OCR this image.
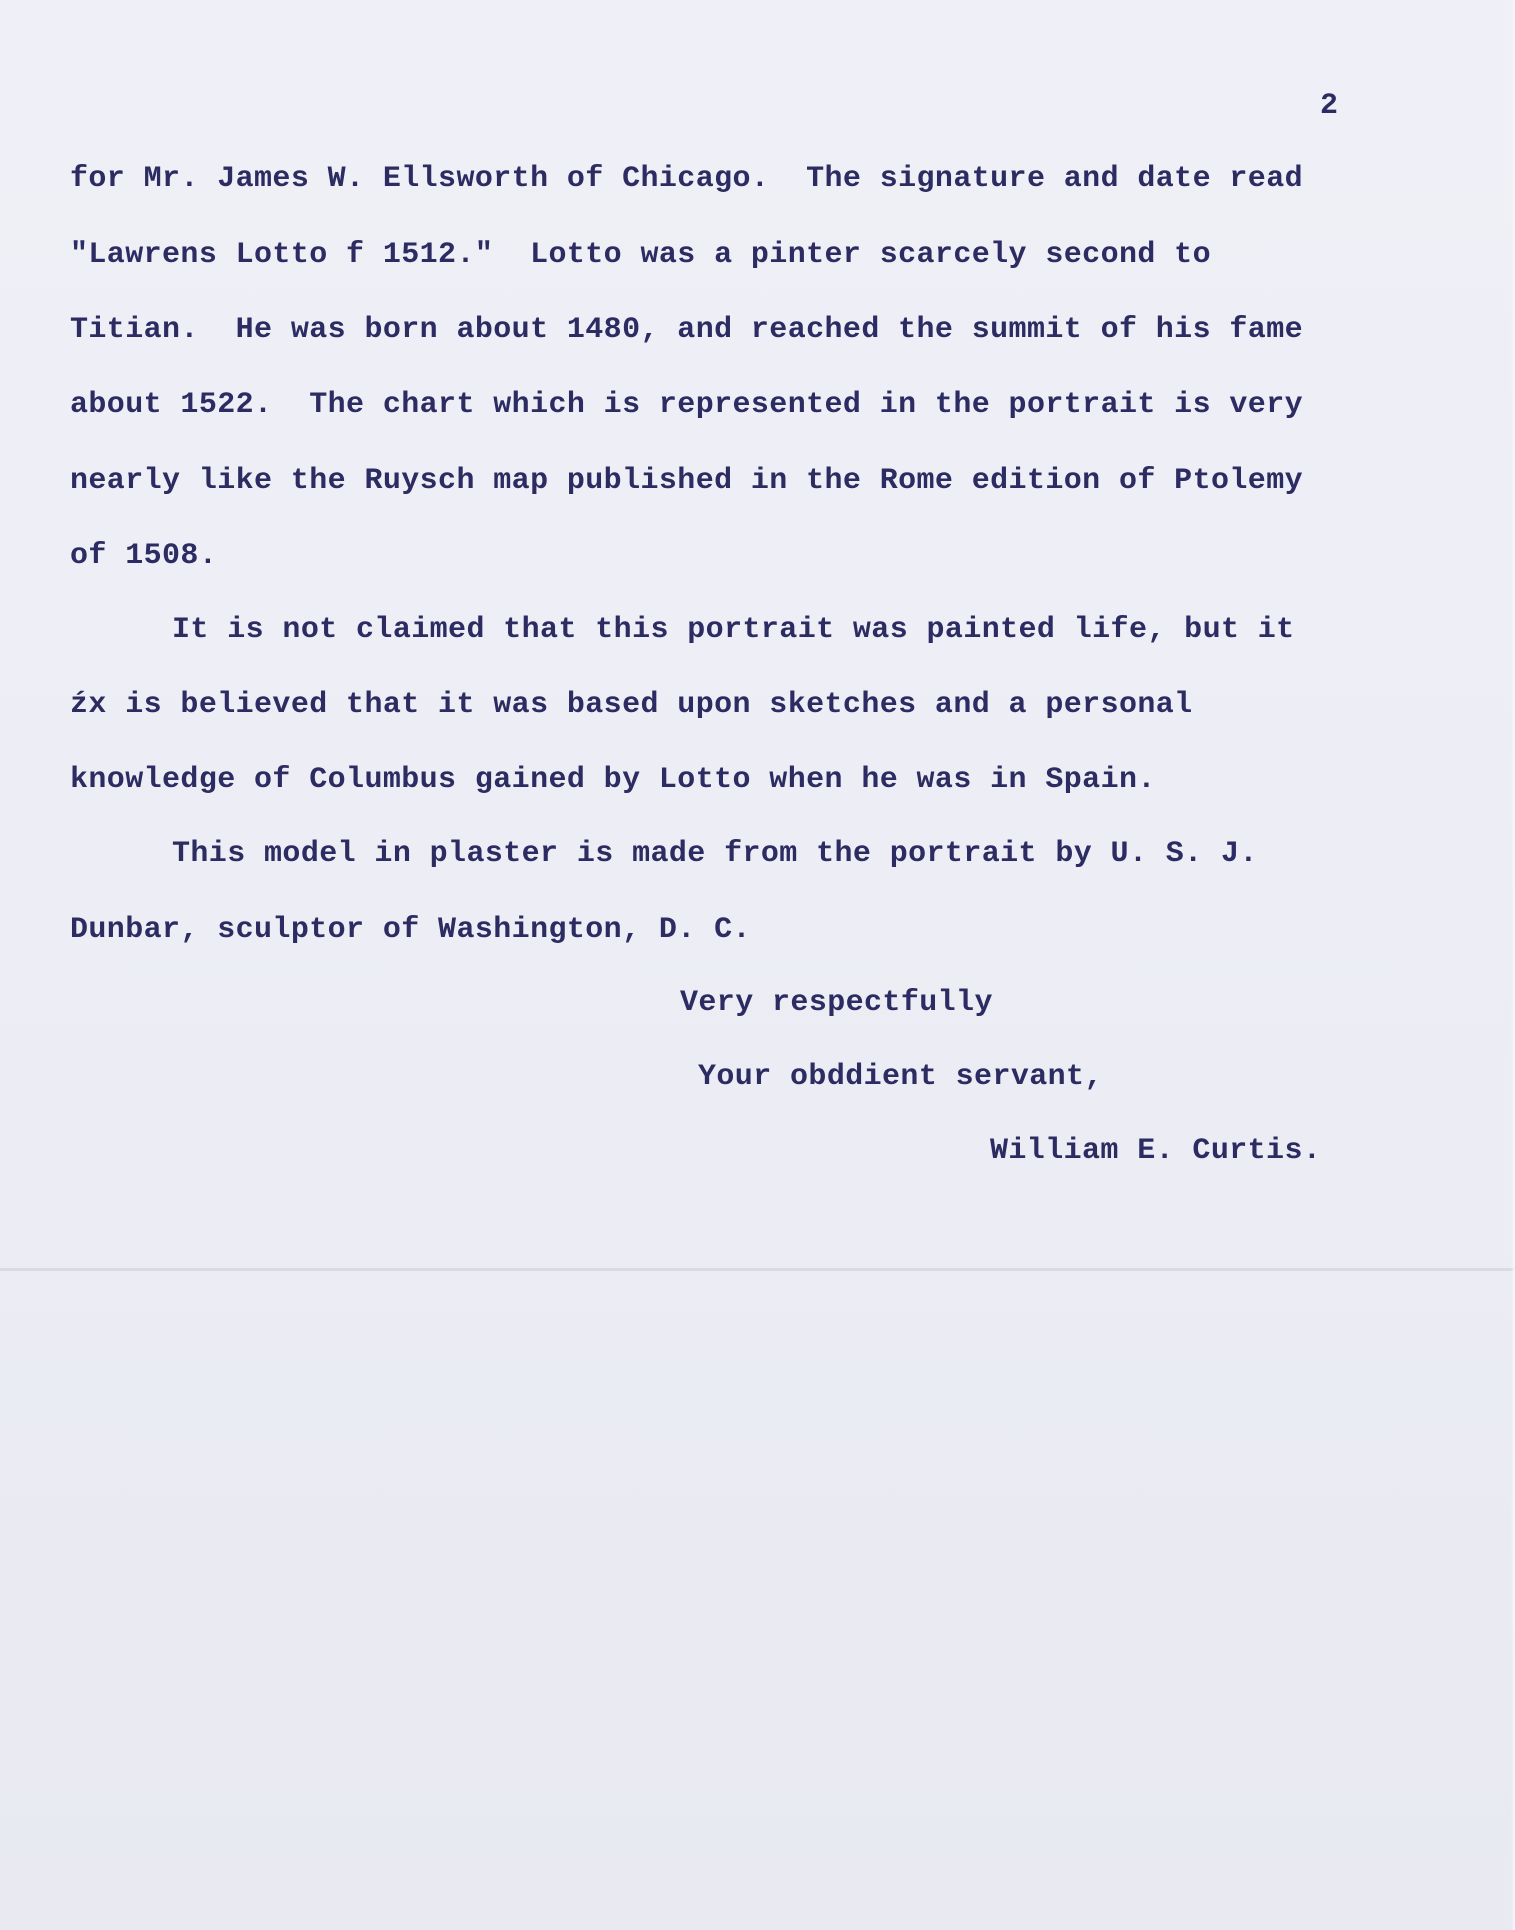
2
for Mr. James W. Ellsworth of Chicago.  The signature and date read
"Lawrens Lotto f 1512."  Lotto was a pinter scarcely second to
Titian.  He was born about 1480, and reached the summit of his fame
about 1522.  The chart which is represented in the portrait is very
nearly like the Ruysch map published in the Rome edition of Ptolemy
of 1508.
It is not claimed that this portrait was painted life, but it
źx is believed that it was based upon sketches and a personal
knowledge of Columbus gained by Lotto when he was in Spain.
This model in plaster is made from the portrait by U. S. J.
Dunbar, sculptor of Washington, D. C.
Very respectfully
Your obddient servant,
William E. Curtis.
